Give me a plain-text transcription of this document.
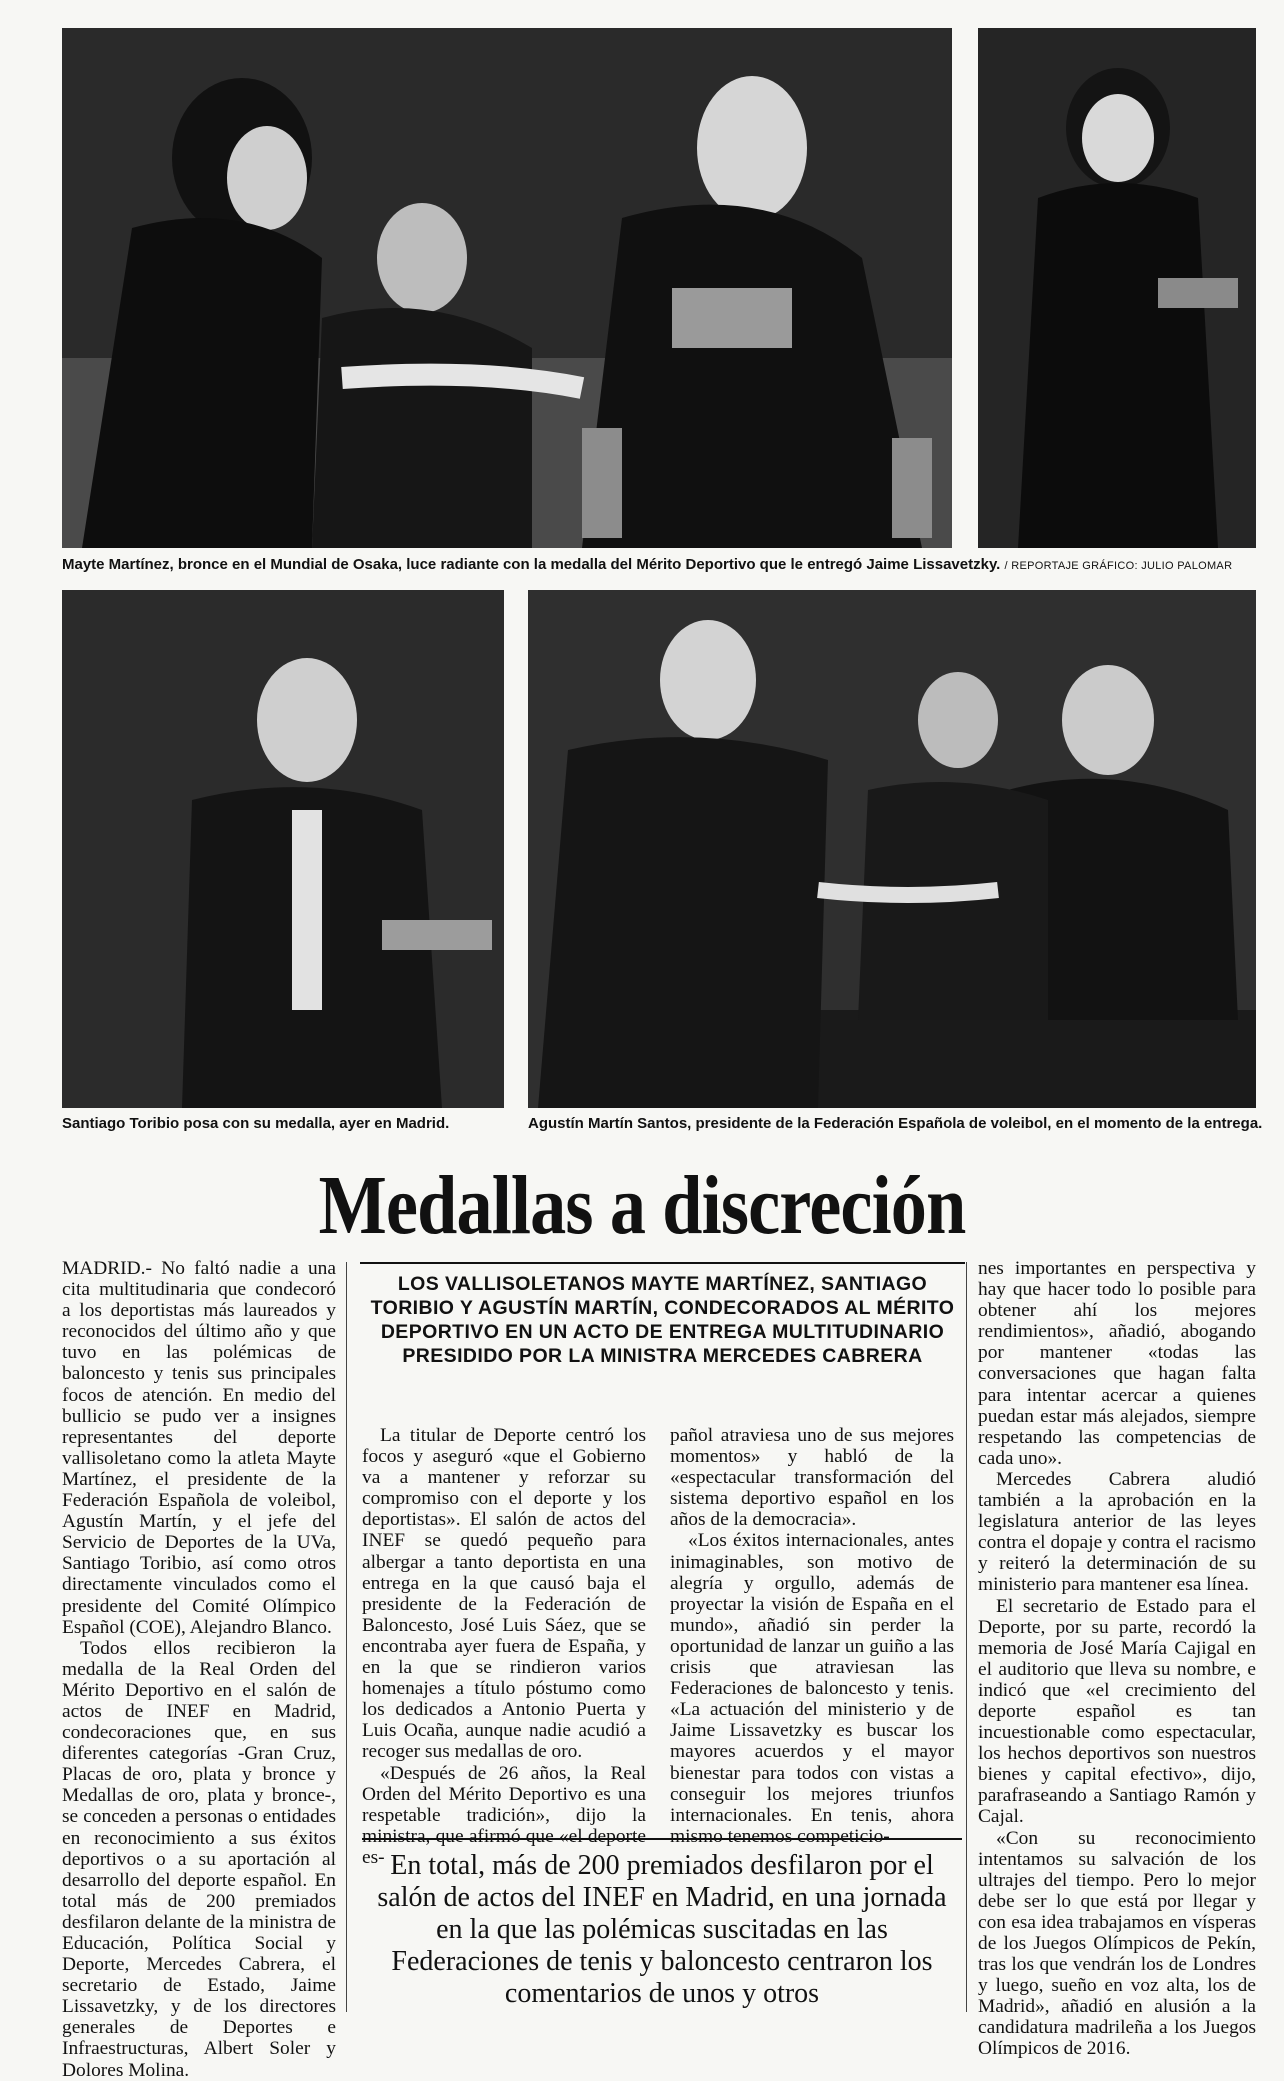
Mayte Martínez, bronce en el Mundial de Osaka, luce radiante con la medalla del Mérito Deportivo que le entregó Jaime Lissavetzky. / REPORTAJE GRÁFICO: JULIO PALOMAR
Santiago Toribio posa con su medalla, ayer en Madrid.	Agustín Martín Santos, presidente de la Federación Española de voleibol, en el momento de la entrega.
Medallas a discreción
LOS VALLISOLETANOS MAYTE MARTÍNEZ, SANTIAGO TORIBIO Y AGUSTÍN MARTÍN, CONDECORADOS AL MÉRITO DEPORTIVO EN UN ACTO DE ENTREGA MULTITUDINARIO PRESIDIDO POR LA MINISTRA MERCEDES CABRERA

MADRID.- No faltó nadie a una cita multitudinaria que condecoró a los deportistas más laureados y reconocidos del último año y que tuvo en las polémicas de baloncesto y tenis sus principales focos de atención. En medio del bullicio se pudo ver a insignes representantes del deporte vallisoletano como la atleta Mayte Martínez, el presidente de la Federación Española de voleibol, Agustín Martín, y el jefe del Servicio de Deportes de la UVa, Santiago Toribio, así como otros directamente vinculados como el presidente del Comité Olímpico Español (COE), Alejandro Blanco.

Todos ellos recibieron la medalla de la Real Orden del Mérito Deportivo en el salón de actos de INEF en Madrid, condecoraciones que, en sus diferentes categorías -Gran Cruz, Placas de oro, plata y bronce y Medallas de oro, plata y bronce-, se conceden a personas o entidades en reconocimiento a sus éxitos deportivos o a su aportación al desarrollo del deporte español. En total más de 200 premiados desfilaron delante de la ministra de Educación, Política Social y Deporte, Mercedes Cabrera, el secretario de Estado, Jaime Lissavetzky, y de los directores generales de Deportes e Infraestructuras, Albert Soler y Dolores Molina.

La titular de Deporte centró los focos y aseguró «que el Gobierno va a mantener y reforzar su compromiso con el deporte y los deportistas». El salón de actos del INEF se quedó pequeño para albergar a tanto deportista en una entrega en la que causó baja el presidente de la Federación de Baloncesto, José Luis Sáez, que se encontraba ayer fuera de España, y en la que se rindieron varios homenajes a título póstumo como los dedicados a Antonio Puerta y Luis Ocaña, aunque nadie acudió a recoger sus medallas de oro.

«Después de 26 años, la Real Orden del Mérito Deportivo es una respetable tradición», dijo la ministra, que afirmó que «el deporte es-

pañol atraviesa uno de sus mejores momentos» y habló de la «espectacular transformación del sistema deportivo español en los años de la democracia».

«Los éxitos internacionales, antes inimaginables, son motivo de alegría y orgullo, además de proyectar la visión de España en el mundo», añadió sin perder la oportunidad de lanzar un guiño a las crisis que atraviesan las Federaciones de baloncesto y tenis. «La actuación del ministerio y de Jaime Lissavetzky es buscar los mayores acuerdos y el mayor bienestar para todos con vistas a conseguir los mejores triunfos internacionales. En tenis, ahora mismo tenemos competicio-

nes importantes en perspectiva y hay que hacer todo lo posible para obtener ahí los mejores rendimientos», añadió, abogando por mantener «todas las conversaciones que hagan falta para intentar acercar a quienes puedan estar más alejados, siempre respetando las competencias de cada uno».

Mercedes Cabrera aludió también a la aprobación en la legislatura anterior de las leyes contra el dopaje y contra el racismo y reiteró la determinación de su ministerio para mantener esa línea.

El secretario de Estado para el Deporte, por su parte, recordó la memoria de José María Cajigal en el auditorio que lleva su nombre, e indicó que «el crecimiento del deporte español es tan incuestionable como espectacular, los hechos deportivos son nuestros bienes y capital efectivo», dijo, parafraseando a Santiago Ramón y Cajal.

«Con su reconocimiento intentamos su salvación de los ultrajes del tiempo. Pero lo mejor debe ser lo que está por llegar y con esa idea trabajamos en vísperas de los Juegos Olímpicos de Pekín, tras los que vendrán los de Londres y luego, sueño en voz alta, los de Madrid», añadió en alusión a la candidatura madrileña a los Juegos Olímpicos de 2016.

En total, más de 200 premiados desfilaron por el salón de actos del INEF en Madrid, en una jornada en la que las polémicas suscitadas en las Federaciones de tenis y baloncesto centraron los comentarios de unos y otros
